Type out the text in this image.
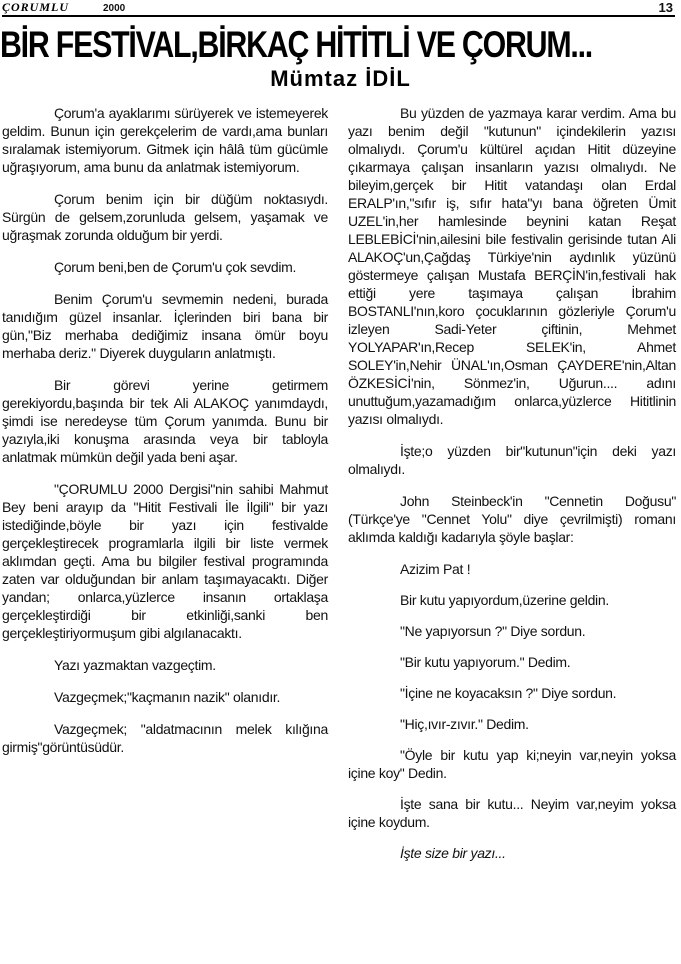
ÇORUMLU	2000	13
BİR FESTİVAL,BİRKAÇ HİTİTLİ VE ÇORUM...
Mümtaz İDİL

Çorum'a ayaklarımı sürüyerek ve istemeyerek geldim. Bunun için gerekçelerim de vardı,ama bunları sıralamak istemiyorum. Gitmek için hâlâ tüm gücümle uğraşıyorum, ama bunu da anlatmak istemiyorum.

Çorum benim için bir düğüm noktasıydı. Sürgün de gelsem,zorunluda gelsem, yaşamak ve uğraşmak zorunda olduğum bir yerdi.

Çorum beni,ben de Çorum'u çok sevdim.

Benim Çorum'u sevmemin nedeni, burada tanıdığım güzel insanlar. İçlerinden biri bana bir gün,"Biz merhaba dediğimiz insana ömür boyu merhaba deriz." Diyerek duyguların anlatmıştı.

Bir görevi yerine getirmem gerekiyordu,başında bir tek Ali ALAKOÇ yanımdaydı, şimdi ise neredeyse tüm Çorum yanımda. Bunu bir yazıyla,iki konuşma arasında veya bir tabloyla anlatmak mümkün değil yada beni aşar.

"ÇORUMLU 2000 Dergisi"nin sahibi Mahmut Bey beni arayıp da "Hitit Festivali İle İlgili" bir yazı istediğinde,böyle bir yazı için festivalde gerçekleştirecek programlarla ilgili bir liste vermek aklımdan geçti. Ama bu bilgiler festival programında zaten var olduğundan bir anlam taşımayacaktı. Diğer yandan; onlarca,yüzlerce insanın ortaklaşa gerçekleştirdiği bir etkinliği,sanki ben gerçekleştiriyormuşum gibi algılanacaktı.

Yazı yazmaktan vazgeçtim.

Vazgeçmek;"kaçmanın nazik" olanıdır.

Vazgeçmek; "aldatmacının melek kılığına girmiş"görüntüsüdür.

Bu yüzden de yazmaya karar verdim. Ama bu yazı benim değil "kutunun" içindekilerin yazısı olmalıydı. Çorum'u kültürel açıdan Hitit düzeyine çıkarmaya çalışan insanların yazısı olmalıydı. Ne bileyim,gerçek bir Hitit vatandaşı olan Erdal ERALP'ın,"sıfır iş, sıfır hata"yı bana öğreten Ümit UZEL'in,her hamlesinde beynini katan Reşat LEBLEBİCİ'nin,ailesini bile festivalin gerisinde tutan Ali ALAKOÇ'un,Çağdaş Türkiye'nin aydınlık yüzünü göstermeye çalışan Mustafa BERÇİN'in,festivali hak ettiği yere taşımaya çalışan İbrahim BOSTANLI'nın,koro çocuklarının gözleriyle Çorum'u izleyen Sadi-Yeter çiftinin, Mehmet YOLYAPAR'ın,Recep SELEK'in, Ahmet SOLEY'in,Nehir ÜNAL'ın,Osman ÇAYDERE'nin,Altan ÖZKESİCİ'nin, Sönmez'in, Uğurun.... adını unuttuğum,yazamadığım onlarca,yüzlerce Hititlinin yazısı olmalıydı.

İşte;o yüzden bir"kutunun"için deki yazı olmalıydı.

John Steinbeck'in "Cennetin Doğusu" (Türkçe'ye "Cennet Yolu" diye çevrilmişti) romanı aklımda kaldığı kadarıyla şöyle başlar:

Azizim Pat !

Bir kutu yapıyordum,üzerine geldin.

"Ne yapıyorsun ?" Diye sordun.

"Bir kutu yapıyorum." Dedim.

"İçine ne koyacaksın ?" Diye sordun.

"Hiç,ıvır-zıvır." Dedim.

"Öyle bir kutu yap ki;neyin var,neyin yoksa içine koy" Dedin.

İşte sana bir kutu... Neyim var,neyim yoksa içine koydum.

İşte size bir yazı...
